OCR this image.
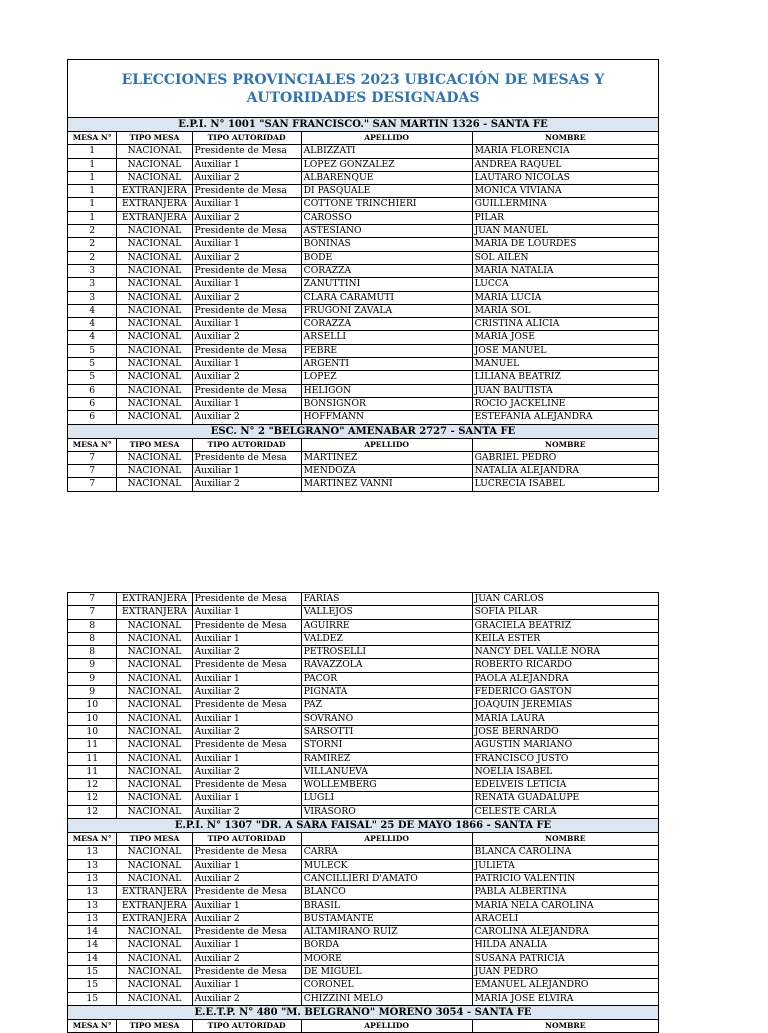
ELECCIONES PROVINCIALES 2023 UBICACIÓN DE MESAS Y AUTORIDADES DESIGNADAS
E.P.I. N° 1001 "SAN FRANCISCO." SAN MARTIN 1326 - SANTA FE				
MESA N°	TIPO MESA	TIPO AUTORIDAD	APELLIDO	NOMBRE
1	NACIONAL	Presidente de Mesa	ALBIZZATI	MARIA FLORENCIA
1	NACIONAL	Auxiliar 1	LOPEZ GONZALEZ	ANDREA RAQUEL
1	NACIONAL	Auxiliar 2	ALBARENQUE	LAUTARO NICOLAS
1	EXTRANJERA	Presidente de Mesa	DI PASQUALE	MONICA VIVIANA
1	EXTRANJERA	Auxiliar 1	COTTONE TRINCHIERI	GUILLERMINA
1	EXTRANJERA	Auxiliar 2	CAROSSO	PILAR
2	NACIONAL	Presidente de Mesa	ASTESIANO	JUAN MANUEL
2	NACIONAL	Auxiliar 1	BONINAS	MARIA DE LOURDES
2	NACIONAL	Auxiliar 2	BODE	SOL AILÉN
3	NACIONAL	Presidente de Mesa	CORAZZA	MARIA NATALIA
3	NACIONAL	Auxiliar 1	ZANUTTINI	LUCCA
3	NACIONAL	Auxiliar 2	CLARA CARAMUTI	MARIA LUCIA
4	NACIONAL	Presidente de Mesa	FRUGONI ZAVALA	MARÍA SOL
4	NACIONAL	Auxiliar 1	CORAZZA	CRISTINA ALICIA
4	NACIONAL	Auxiliar 2	ARSELLI	MARIA JOSE
5	NACIONAL	Presidente de Mesa	FEBRE	JOSE MANUEL
5	NACIONAL	Auxiliar 1	ARGENTI	MANUEL
5	NACIONAL	Auxiliar 2	LOPEZ	LILIANA BEATRIZ
6	NACIONAL	Presidente de Mesa	HELIGON	JUAN BAUTISTA
6	NACIONAL	Auxiliar 1	BONSIGNOR	ROCIO JACKELINE
6	NACIONAL	Auxiliar 2	HOFFMANN	ESTEFANIA ALEJANDRA
ESC. N° 2 "BELGRANO" AMENABAR 2727 - SANTA FE				
MESA N°	TIPO MESA	TIPO AUTORIDAD	APELLIDO	NOMBRE
7	NACIONAL	Presidente de Mesa	MARTINEZ	GABRIEL PEDRO
7	NACIONAL	Auxiliar 1	MENDOZA	NATALIA ALEJANDRA
7	NACIONAL	Auxiliar 2	MARTINEZ VANNI	LUCRECIA ISABEL
7	EXTRANJERA	Presidente de Mesa	FARIAS	JUAN CARLOS
7	EXTRANJERA	Auxiliar 1	VALLEJOS	SOFIA PILAR
8	NACIONAL	Presidente de Mesa	AGUIRRE	GRACIELA BEATRIZ
8	NACIONAL	Auxiliar 1	VALDEZ	KEILA ESTER
8	NACIONAL	Auxiliar 2	PETROSELLI	NANCY DEL VALLE NORA
9	NACIONAL	Presidente de Mesa	RAVAZZOLA	ROBERTO RICARDO
9	NACIONAL	Auxiliar 1	PACOR	PAOLA ALEJANDRA
9	NACIONAL	Auxiliar 2	PIGNATA	FEDERICO GASTON
10	NACIONAL	Presidente de Mesa	PAZ	JOAQUIN JEREMIAS
10	NACIONAL	Auxiliar 1	SOVRANO	MARIA LAURA
10	NACIONAL	Auxiliar 2	SARSOTTI	JOSE BERNARDO
11	NACIONAL	Presidente de Mesa	STORNI	AGUSTIN MARIANO
11	NACIONAL	Auxiliar 1	RAMIREZ	FRANCISCO JUSTO
11	NACIONAL	Auxiliar 2	VILLANUEVA	NOELIA ISABEL
12	NACIONAL	Presidente de Mesa	WOLLEMBERG	EDELVEIS LETICIA
12	NACIONAL	Auxiliar 1	LUGLI	RENATA GUADALUPE
12	NACIONAL	Auxiliar 2	VIRASORO	CELESTE CARLA
E.P.I. N° 1307 "DR. A SARA FAISAL" 25 DE MAYO 1866 - SANTA FE				
MESA N°	TIPO MESA	TIPO AUTORIDAD	APELLIDO	NOMBRE
13	NACIONAL	Presidente de Mesa	CARRA	BLANCA CAROLINA
13	NACIONAL	Auxiliar 1	MULECK	JULIETA
13	NACIONAL	Auxiliar 2	CANCILLIERI D'AMATO	PATRICIO VALENTIN
13	EXTRANJERA	Presidente de Mesa	BLANCO	PABLA ALBERTINA
13	EXTRANJERA	Auxiliar 1	BRASIL	MARIA NELA CAROLINA
13	EXTRANJERA	Auxiliar 2	BUSTAMANTE	ARACELI
14	NACIONAL	Presidente de Mesa	ALTAMIRANO RUIZ	CAROLINA ALEJANDRA
14	NACIONAL	Auxiliar 1	BORDA	HILDA ANALIA
14	NACIONAL	Auxiliar 2	MOORE	SUSANA PATRICIA
15	NACIONAL	Presidente de Mesa	DE MIGUEL	JUAN PEDRO
15	NACIONAL	Auxiliar 1	CORONEL	EMANUEL ALEJANDRO
15	NACIONAL	Auxiliar 2	CHIZZINI MELO	MARIA JOSE ELVIRA
E.E.T.P. N° 480 "M. BELGRANO" MORENO 3054 - SANTA FE				
MESA N°	TIPO MESA	TIPO AUTORIDAD	APELLIDO	NOMBRE
